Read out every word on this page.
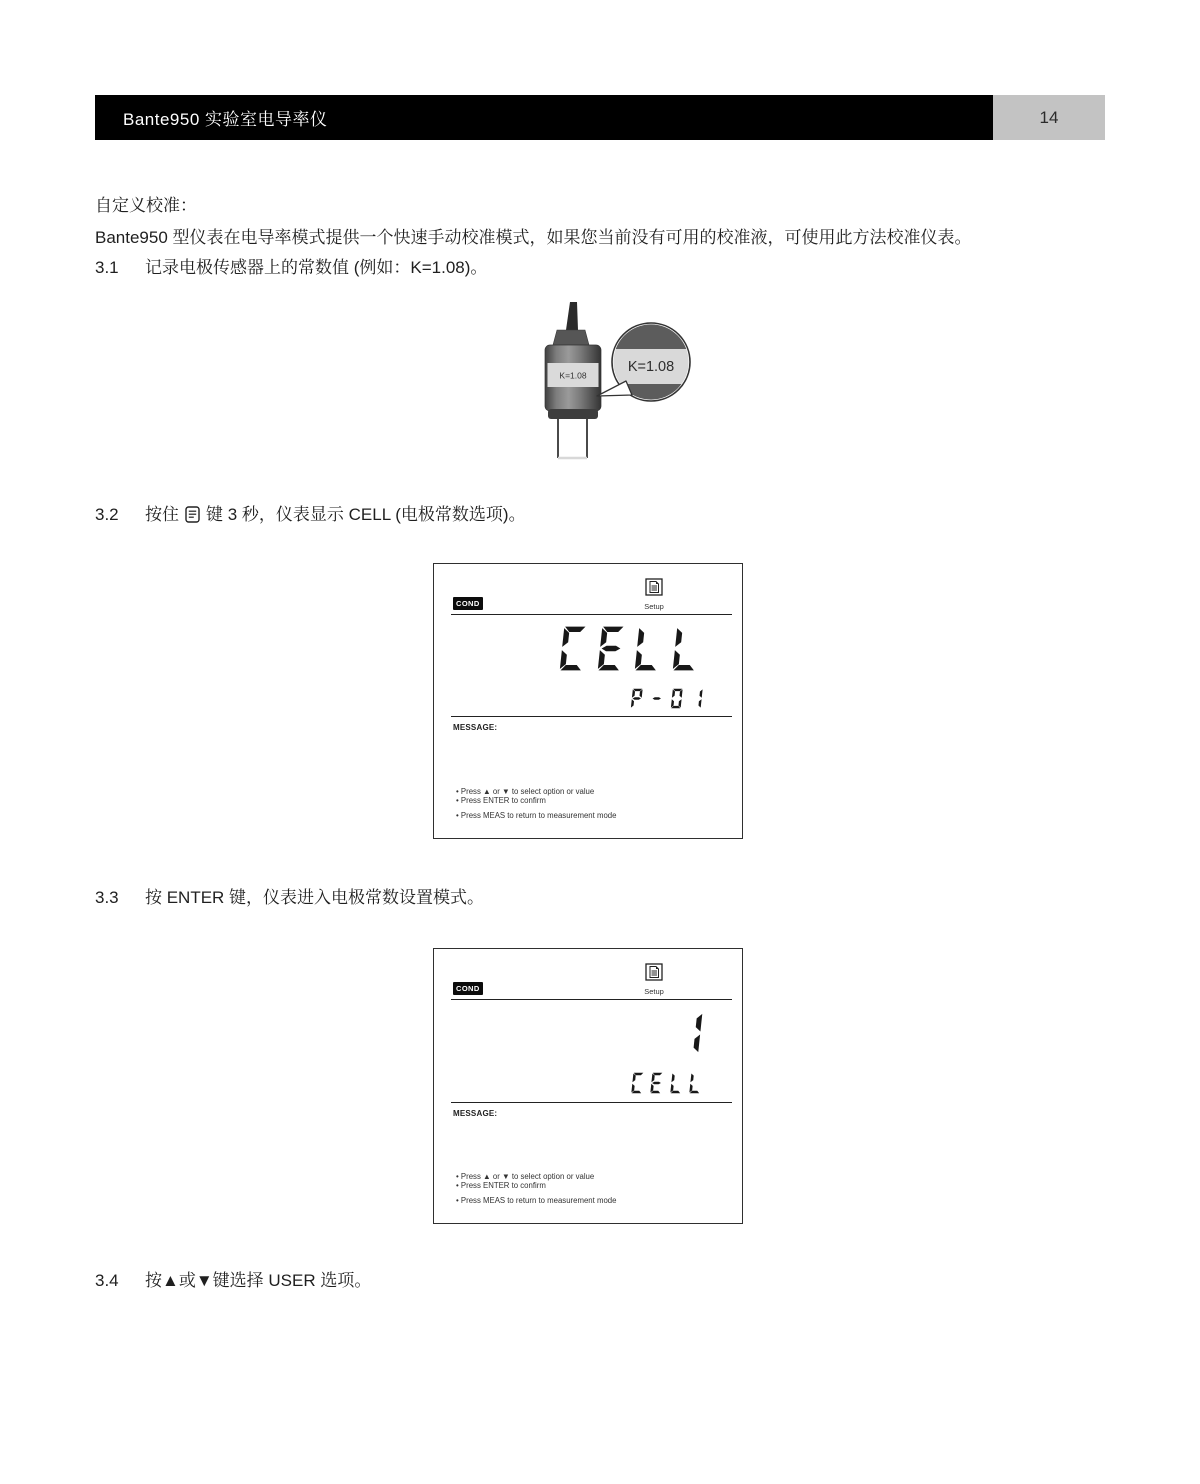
Bante950 实验室电导率仪	14
自定义校准：
Bante950 型仪表在电导率模式提供一个快速手动校准模式，如果您当前没有可用的校准液，可使用此方法校准仪表。
3.1 记录电极传感器上的常数值 (例如：K=1.08)。
K=1.08
K=1.08
3.2 按住 键 3 秒，仪表显示 CELL (电极常数选项)。
COND	Setup
MESSAGE:
• Press ▲ or ▼ to select option or value
• Press ENTER to confirm
• Press MEAS to return to measurement mode
3.3 按 ENTER 键，仪表进入电极常数设置模式。
COND	Setup
MESSAGE:
• Press ▲ or ▼ to select option or value
• Press ENTER to confirm
• Press MEAS to return to measurement mode
3.4 按▲或▼键选择 USER 选项。
